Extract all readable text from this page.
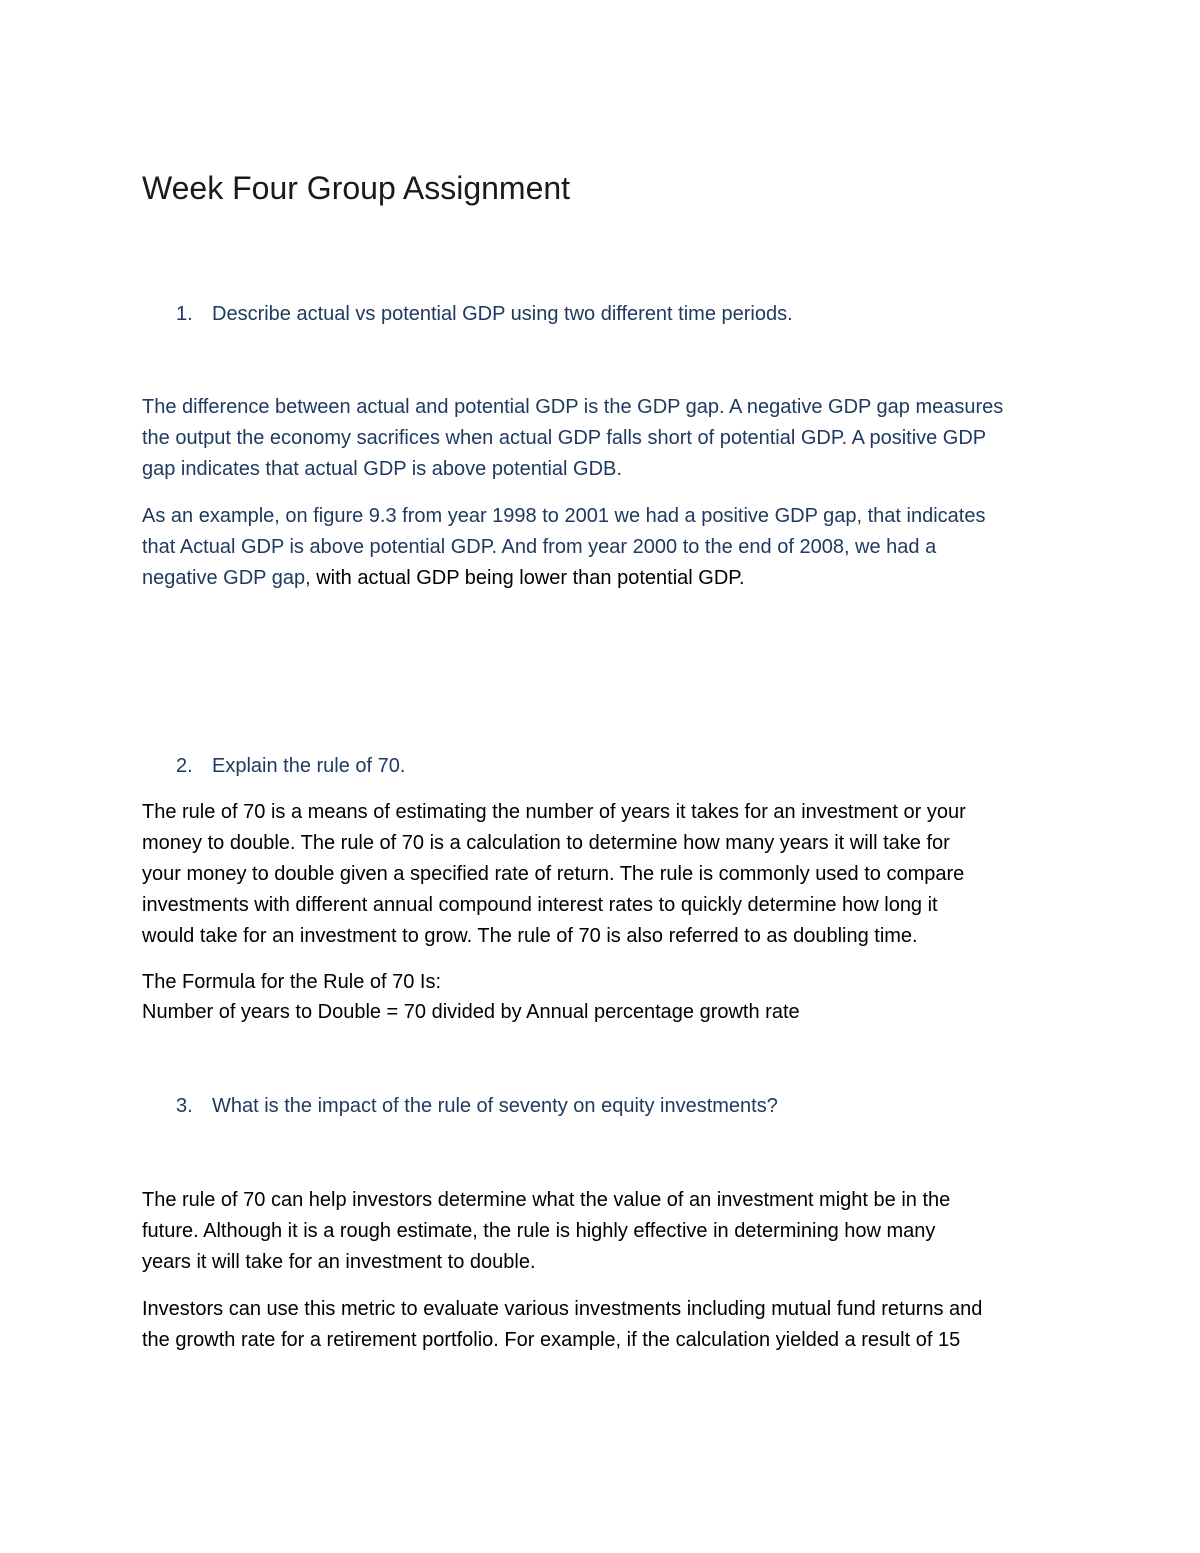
Week Four Group Assignment
1. Describe actual vs potential GDP using two different time periods.

The difference between actual and potential GDP is the GDP gap. A negative GDP gap measures
the output the economy sacrifices when actual GDP falls short of potential GDP. A positive GDP
gap indicates that actual GDP is above potential GDB.

As an example, on figure 9.3 from year 1998 to 2001 we had a positive GDP gap, that indicates
that Actual GDP is above potential GDP. And from year 2000 to the end of 2008, we had a
negative GDP gap, with actual GDP being lower than potential GDP.

2. Explain the rule of 70.

The rule of 70 is a means of estimating the number of years it takes for an investment or your
money to double. The rule of 70 is a calculation to determine how many years it will take for
your money to double given a specified rate of return. The rule is commonly used to compare
investments with different annual compound interest rates to quickly determine how long it
would take for an investment to grow. The rule of 70 is also referred to as doubling time.

The Formula for the Rule of 70 Is:
Number of years to Double = 70 divided by Annual percentage growth rate

3. What is the impact of the rule of seventy on equity investments?

The rule of 70 can help investors determine what the value of an investment might be in the
future. Although it is a rough estimate, the rule is highly effective in determining how many
years it will take for an investment to double.

Investors can use this metric to evaluate various investments including mutual fund returns and
the growth rate for a retirement portfolio. For example, if the calculation yielded a result of 15
